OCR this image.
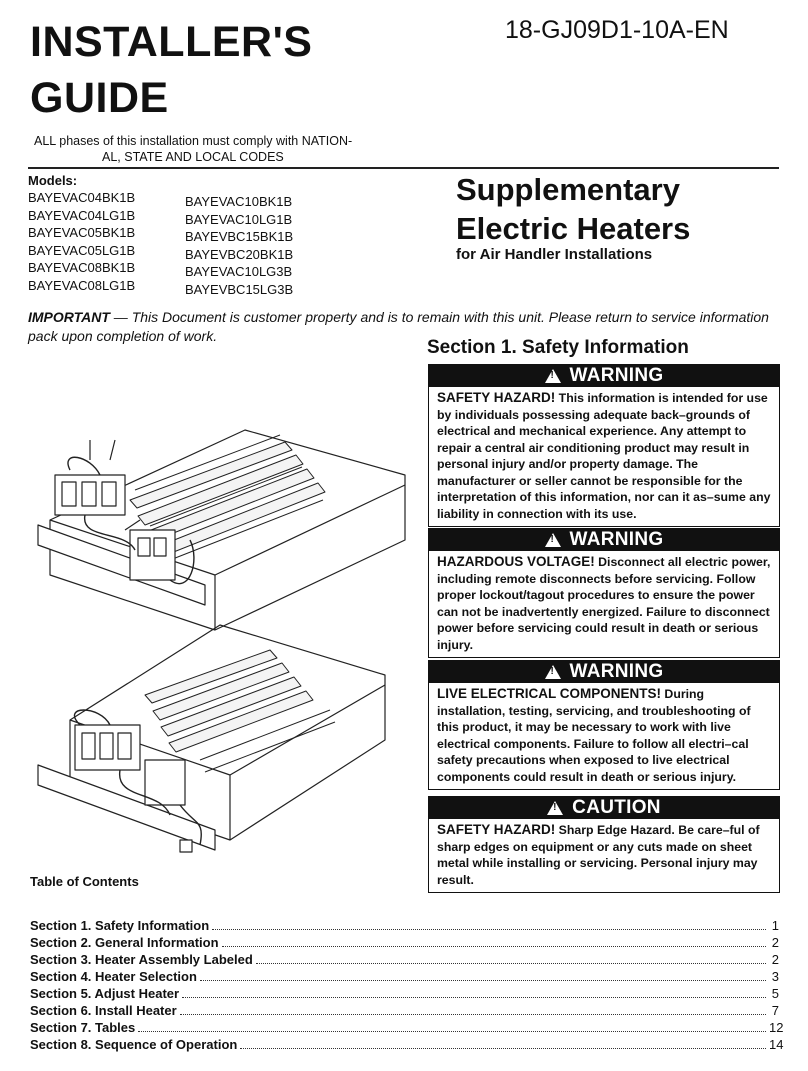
INSTALLER'S
GUIDE
18-GJ09D1-10A-EN
ALL phases of this installation must comply with NATION-
AL, STATE AND LOCAL CODES
Models:
BAYEVAC04BK1B
BAYEVAC04LG1B
BAYEVAC05BK1B
BAYEVAC05LG1B
BAYEVAC08BK1B
BAYEVAC08LG1B
BAYEVAC10BK1B
BAYEVAC10LG1B
BAYEVBC15BK1B
BAYEVBC20BK1B
BAYEVAC10LG3B
BAYEVBC15LG3B
Supplementary
Electric Heaters
for Air Handler Installations
IMPORTANT — This Document is customer property and is to remain with this unit. Please return to service information pack upon completion of work.
Section 1. Safety Information
!
WARNING
SAFETY HAZARD! This information is intended for use by individuals possessing adequate back–grounds of electrical and mechanical experience. Any attempt to repair a central air conditioning product may result in personal injury and/or property damage. The manufacturer or seller cannot be responsible for the interpretation of this information, nor can it as–sume any liability in connection with its use.
!
WARNING
HAZARDOUS VOLTAGE! Disconnect all electric power, including remote disconnects before servicing. Follow proper lockout/tagout procedures to ensure the power can not be inadvertently energized. Failure to disconnect power before servicing could result in death or serious injury.
!
WARNING
LIVE ELECTRICAL COMPONENTS! During installation, testing, servicing, and troubleshooting of this product, it may be necessary to work with live electrical components. Failure to follow all electri–cal safety precautions when exposed to live electrical components could result in death or serious injury.
!
CAUTION
SAFETY HAZARD! Sharp Edge Hazard. Be care–ful of sharp edges on equipment or any cuts made on sheet metal while installing or servicing. Personal injury may result.
Table of Contents
Section 1. Safety Information	1
Section 2. General Information	2
Section 3. Heater Assembly Labeled	2
Section 4. Heater Selection	3
Section 5. Adjust Heater	5
Section 6. Install Heater	7
Section 7. Tables	12
Section 8. Sequence of Operation	14
